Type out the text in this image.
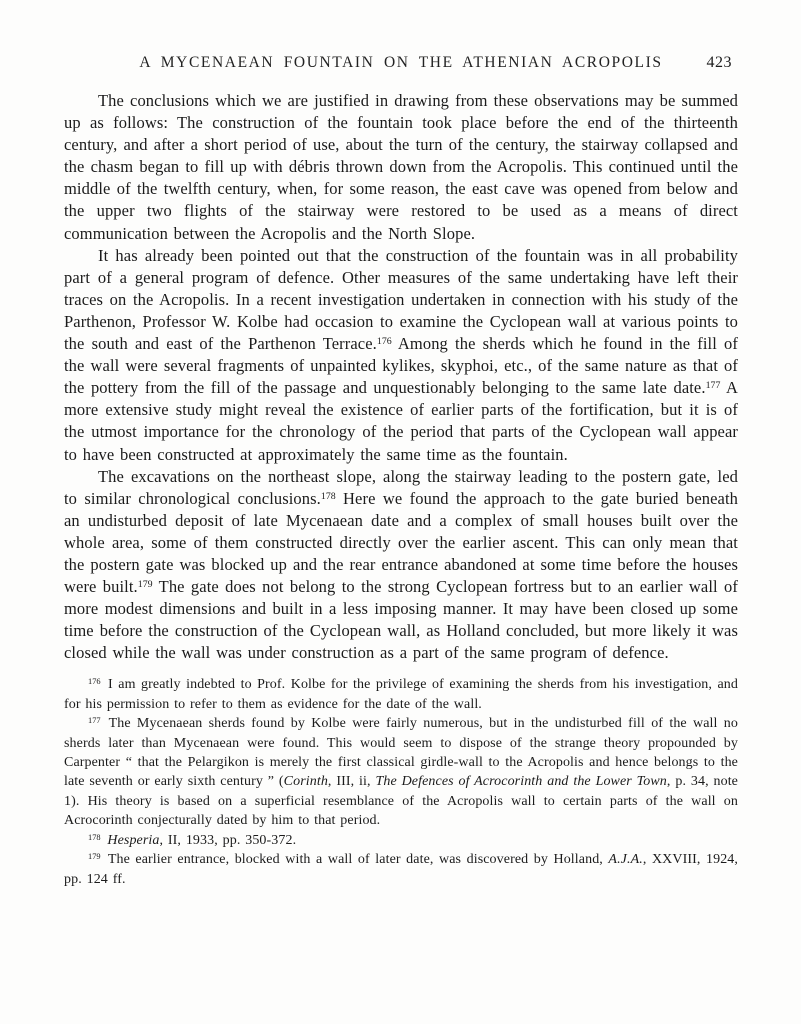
A MYCENAEAN FOUNTAIN ON THE ATHENIAN ACROPOLIS	423

The conclusions which we are justified in drawing from these observations may be summed up as follows: The construction of the fountain took place before the end of the thirteenth century, and after a short period of use, about the turn of the century, the stairway collapsed and the chasm began to fill up with débris thrown down from the Acropolis. This continued until the middle of the twelfth century, when, for some reason, the east cave was opened from below and the upper two flights of the stairway were restored to be used as a means of direct communication between the Acropolis and the North Slope.

It has already been pointed out that the construction of the fountain was in all probability part of a general program of defence. Other measures of the same undertaking have left their traces on the Acropolis. In a recent investigation undertaken in connection with his study of the Parthenon, Professor W. Kolbe had occasion to examine the Cyclopean wall at various points to the south and east of the Parthenon Terrace.$^{176}$ Among the sherds which he found in the fill of the wall were several fragments of unpainted kylikes, skyphoi, etc., of the same nature as that of the pottery from the fill of the passage and unquestionably belonging to the same late date.$^{177}$ A more extensive study might reveal the existence of earlier parts of the fortification, but it is of the utmost importance for the chronology of the period that parts of the Cyclopean wall appear to have been constructed at approximately the same time as the fountain.

The excavations on the northeast slope, along the stairway leading to the postern gate, led to similar chronological conclusions.$^{178}$ Here we found the approach to the gate buried beneath an undisturbed deposit of late Mycenaean date and a complex of small houses built over the whole area, some of them constructed directly over the earlier ascent. This can only mean that the postern gate was blocked up and the rear entrance abandoned at some time before the houses were built.$^{179}$ The gate does not belong to the strong Cyclopean fortress but to an earlier wall of more modest dimensions and built in a less imposing manner. It may have been closed up some time before the construction of the Cyclopean wall, as Holland concluded, but more likely it was closed while the wall was under construction as a part of the same program of defence.

$^{176}$ I am greatly indebted to Prof. Kolbe for the privilege of examining the sherds from his investigation, and for his permission to refer to them as evidence for the date of the wall.

$^{177}$ The Mycenaean sherds found by Kolbe were fairly numerous, but in the undisturbed fill of the wall no sherds later than Mycenaean were found. This would seem to dispose of the strange theory propounded by Carpenter “ that the Pelargikon is merely the first classical girdle-wall to the Acropolis and hence belongs to the late seventh or early sixth century ” (Corinth, III, ii, The Defences of Acrocorinth and the Lower Town, p. 34, note 1). His theory is based on a superficial resemblance of the Acropolis wall to certain parts of the wall on Acrocorinth conjecturally dated by him to that period.

$^{178}$ Hesperia, II, 1933, pp. 350-372.

$^{179}$ The earlier entrance, blocked with a wall of later date, was discovered by Holland, A.J.A., XXVIII, 1924, pp. 124 ff.
